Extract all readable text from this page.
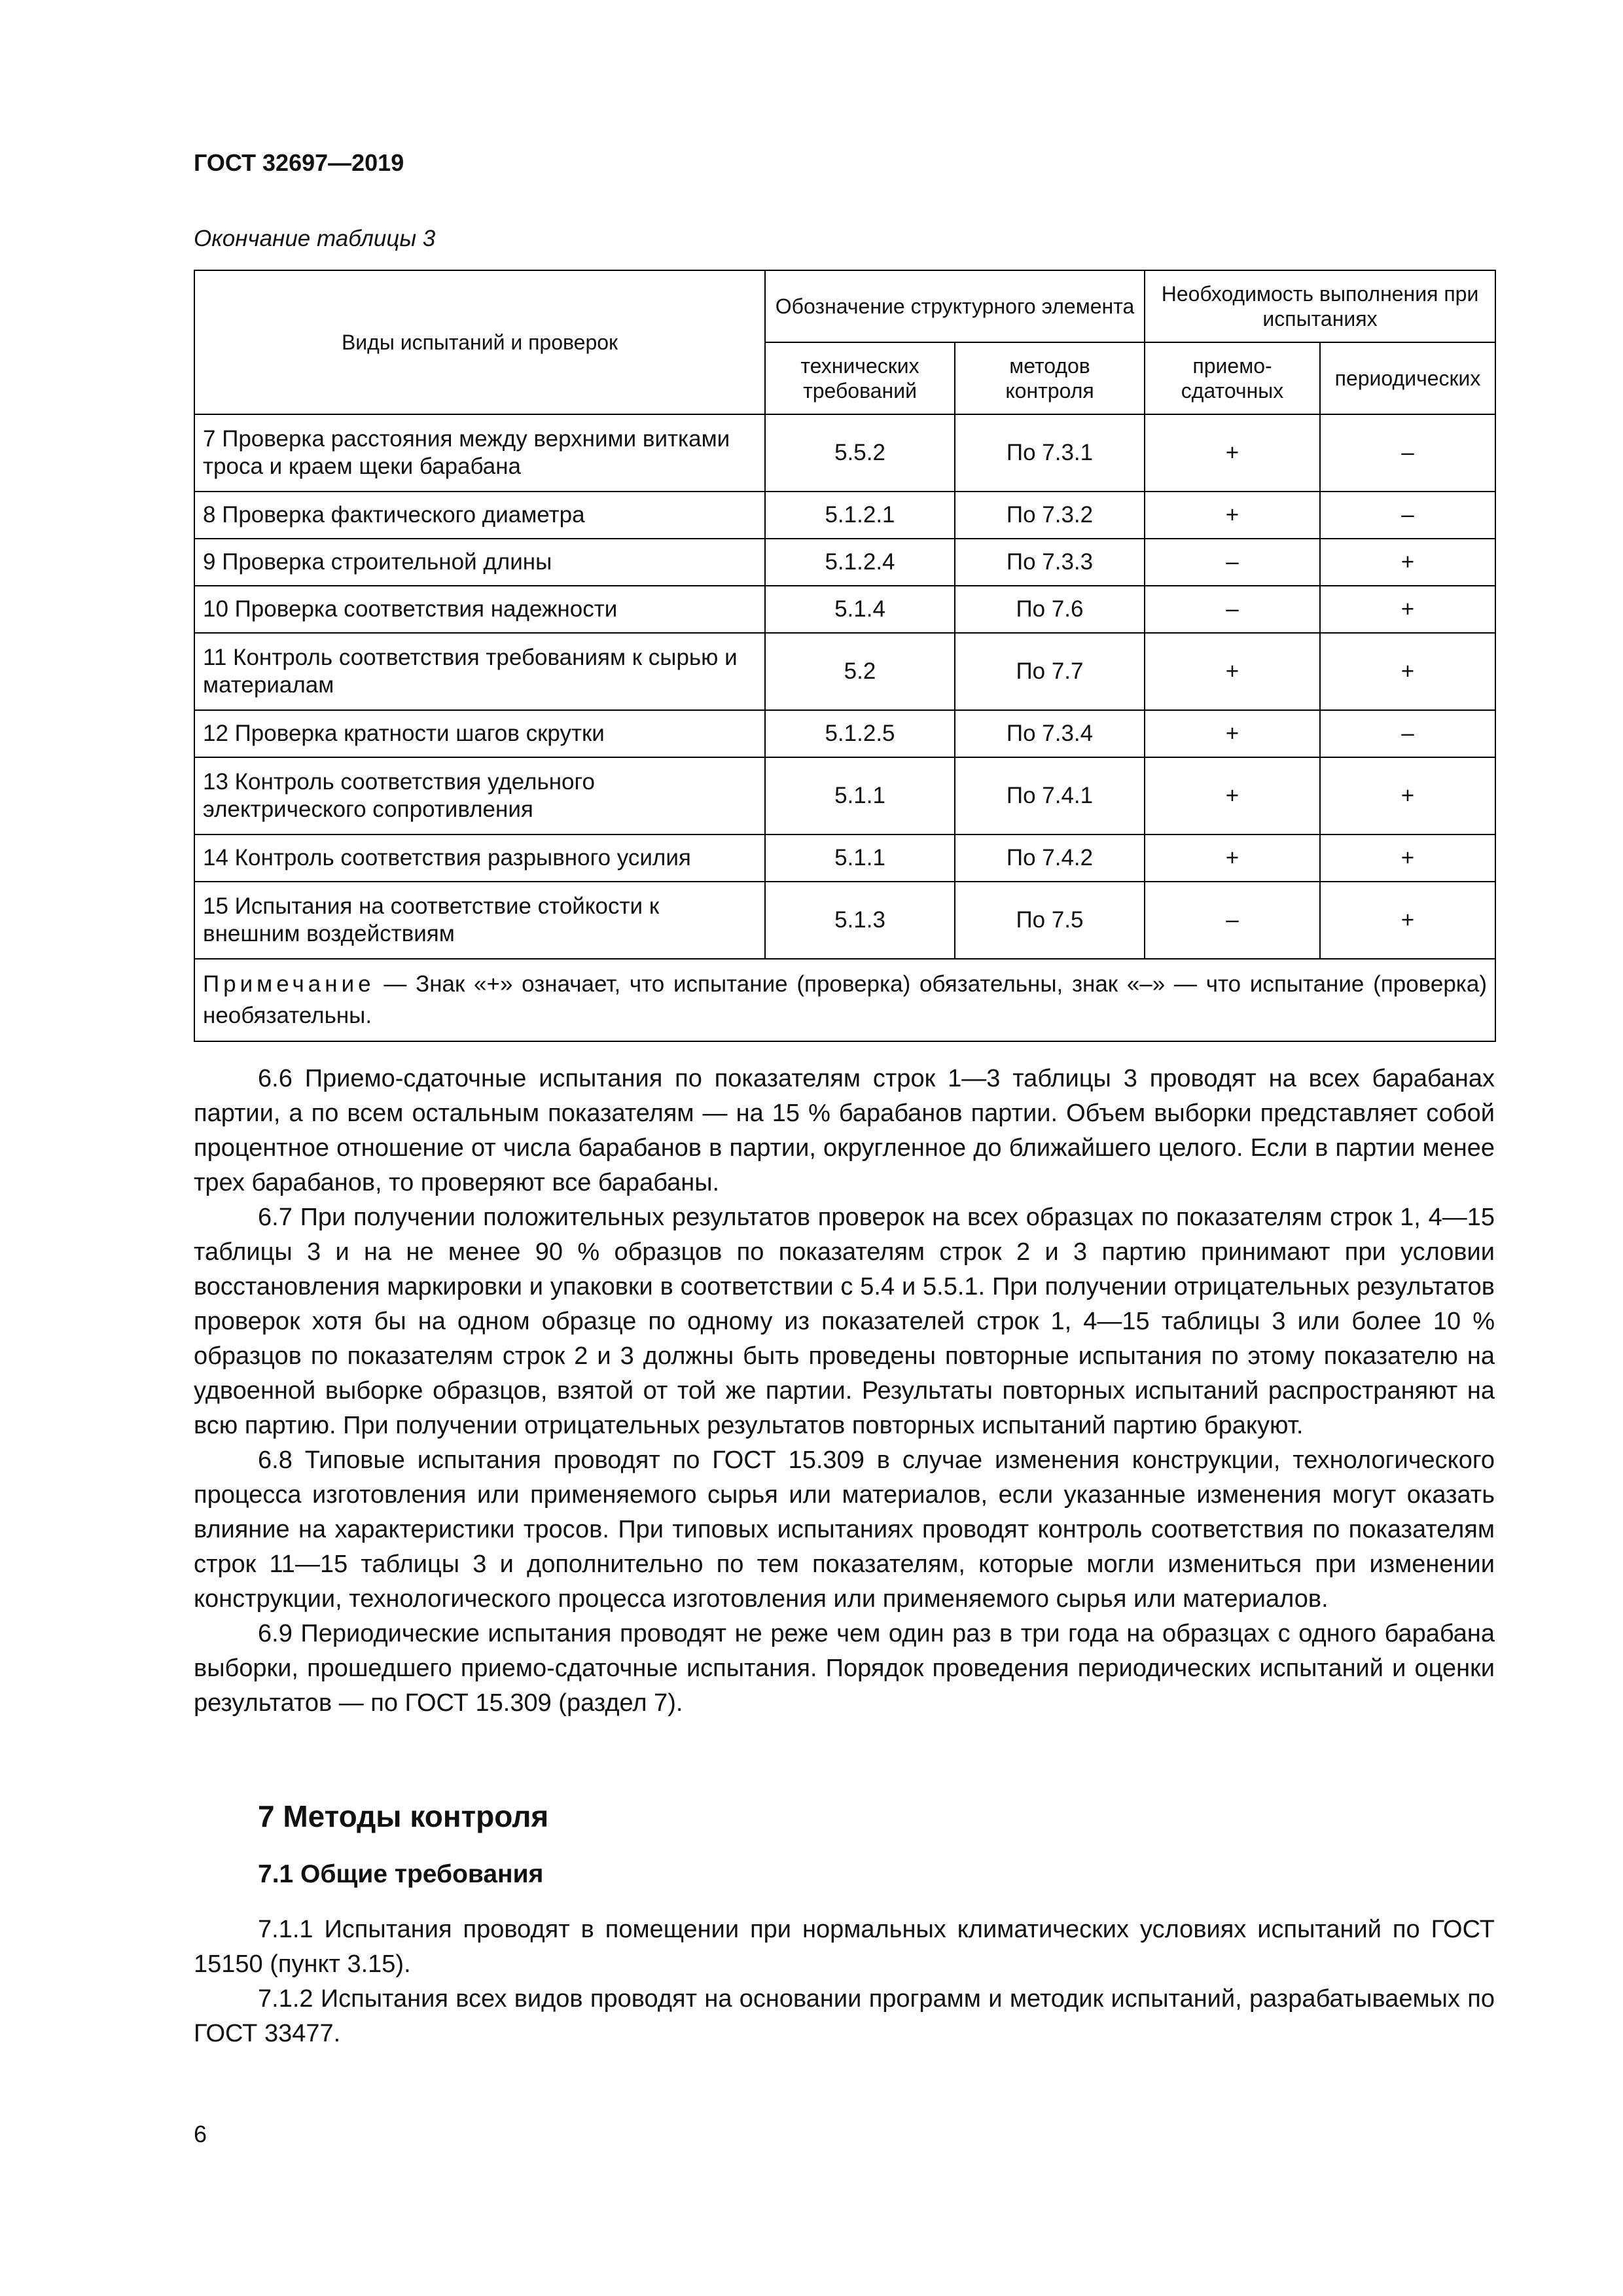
ГОСТ 32697—2019
Окончание таблицы 3
Виды испытаний и проверок	Обозначение структурного элемента		Необходимость выполнения при испытаниях	
	технических требований	методов контроля	приемо-сдаточных	периодических
7 Проверка расстояния между верхними витками троса и краем щеки барабана	5.5.2	По 7.3.1	+	–
8 Проверка фактического диаметра	5.1.2.1	По 7.3.2	+	–
9 Проверка строительной длины	5.1.2.4	По 7.3.3	–	+
10 Проверка соответствия надежности	5.1.4	По 7.6	–	+
11 Контроль соответствия требованиям к сырью и материалам	5.2	По 7.7	+	+
12 Проверка кратности шагов скрутки	5.1.2.5	По 7.3.4	+	–
13 Контроль соответствия удельного электрического сопротивления	5.1.1	По 7.4.1	+	+
14 Контроль соответствия разрывного усилия	5.1.1	По 7.4.2	+	+
15 Испытания на соответствие стойкости к внешним воздействиям	5.1.3	По 7.5	–	+
Примечание — Знак «+» означает, что испытание (проверка) обязательны, знак «–» — что испытание (проверка) необязательны.				

6.6 Приемо-сдаточные испытания по показателям строк 1—3 таблицы 3 проводят на всех барабанах партии, а по всем остальным показателям — на 15 % барабанов партии. Объем выборки представляет собой процентное отношение от числа барабанов в партии, округленное до ближайшего целого. Если в партии менее трех барабанов, то проверяют все барабаны.

6.7 При получении положительных результатов проверок на всех образцах по показателям строк 1, 4—15 таблицы 3 и на не менее 90 % образцов по показателям строк 2 и 3 партию принимают при условии восстановления маркировки и упаковки в соответствии с 5.4 и 5.5.1. При получении отрицательных результатов проверок хотя бы на одном образце по одному из показателей строк 1, 4—15 таблицы 3 или более 10 % образцов по показателям строк 2 и 3 должны быть проведены повторные испытания по этому показателю на удвоенной выборке образцов, взятой от той же партии. Результаты повторных испытаний распространяют на всю партию. При получении отрицательных результатов повторных испытаний партию бракуют.

6.8 Типовые испытания проводят по ГОСТ 15.309 в случае изменения конструкции, технологического процесса изготовления или применяемого сырья или материалов, если указанные изменения могут оказать влияние на характеристики тросов. При типовых испытаниях проводят контроль соответствия по показателям строк 11—15 таблицы 3 и дополнительно по тем показателям, которые могли измениться при изменении конструкции, технологического процесса изготовления или применяемого сырья или материалов.

6.9 Периодические испытания проводят не реже чем один раз в три года на образцах с одного барабана выборки, прошедшего приемо-сдаточные испытания. Порядок проведения периодических испытаний и оценки результатов — по ГОСТ 15.309 (раздел 7).

7 Методы контроля
7.1 Общие требования

7.1.1 Испытания проводят в помещении при нормальных климатических условиях испытаний по ГОСТ 15150 (пункт 3.15).

7.1.2 Испытания всех видов проводят на основании программ и методик испытаний, разрабатываемых по ГОСТ 33477.

6
